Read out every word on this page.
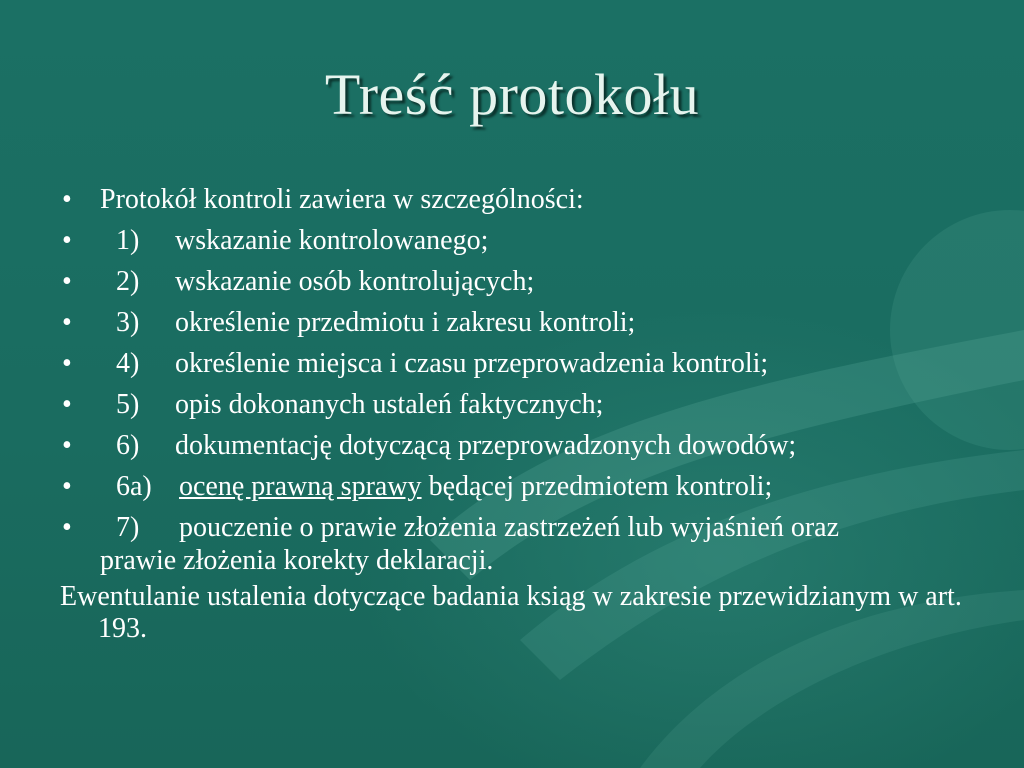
Treść protokołu
•	Protokół kontroli zawiera w szczególności:
•	1) wskazanie kontrolowanego;
•	2) wskazanie osób kontrolujących;
•	3) określenie przedmiotu i zakresu kontroli;
•	4) określenie miejsca i czasu przeprowadzenia kontroli;
•	5) opis dokonanych ustaleń faktycznych;
•	6) dokumentację dotyczącą przeprowadzonych dowodów;
•	6a) ocenę prawną sprawy będącej przedmiotem kontroli;
•	7) pouczenie o prawie złożenia zastrzeżeń lub wyjaśnień oraz
prawie złożenia korekty deklaracji.
Ewentulanie ustalenia dotyczące badania ksiąg w zakresie przewidzianym w art. 193.
